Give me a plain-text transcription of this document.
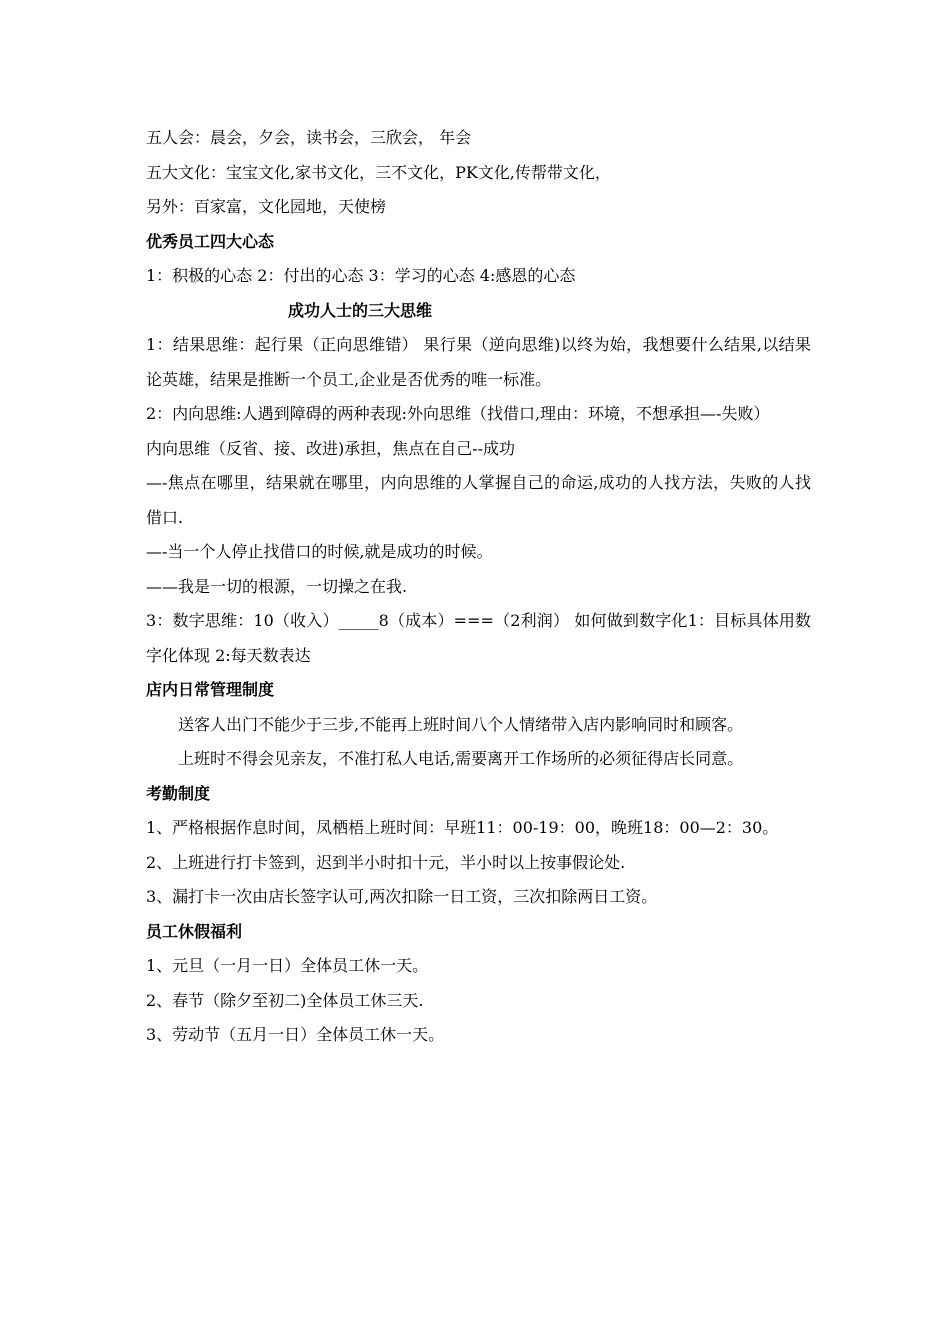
五人会：晨会，夕会，读书会，三欣会， 年会

五大文化：宝宝文化,家书文化，三不文化，PK文化,传帮带文化，

另外：百家富，文化园地，天使榜

优秀员工四大心态

1：积极的心态 2：付出的心态 3：学习的心态 4:感恩的心态

成功人士的三大思维

1：结果思维：起行果（正向思维错） 果行果（逆向思维)以终为始，我想要什么结果,以结果论英雄，结果是推断一个员工,企业是否优秀的唯一标准。

2：内向思维:人遇到障碍的两种表现:外向思维（找借口,理由：环境，不想承担—-失败）

内向思维（反省、接、改进)承担，焦点在自己--成功

—-焦点在哪里，结果就在哪里，内向思维的人掌握自己的命运,成功的人找方法，失败的人找借口.

—-当一个人停止找借口的时候,就是成功的时候。

——我是一切的根源，一切操之在我.

3：数字思维：10（收入）_____8（成本）===（2利润） 如何做到数字化1：目标具体用数字化体现 2:每天数表达

店内日常管理制度

送客人出门不能少于三步,不能再上班时间八个人情绪带入店内影响同时和顾客。

上班时不得会见亲友，不准打私人电话,需要离开工作场所的必须征得店长同意。

考勤制度

1、严格根据作息时间，凤栖梧上班时间：早班11：00-19：00，晚班18：00—2：30。

2、上班进行打卡签到，迟到半小时扣十元，半小时以上按事假论处.

3、漏打卡一次由店长签字认可,两次扣除一日工资，三次扣除两日工资。

员工休假福利

1、元旦（一月一日）全体员工休一天。

2、春节（除夕至初二)全体员工休三天.

3、劳动节（五月一日）全体员工休一天。
